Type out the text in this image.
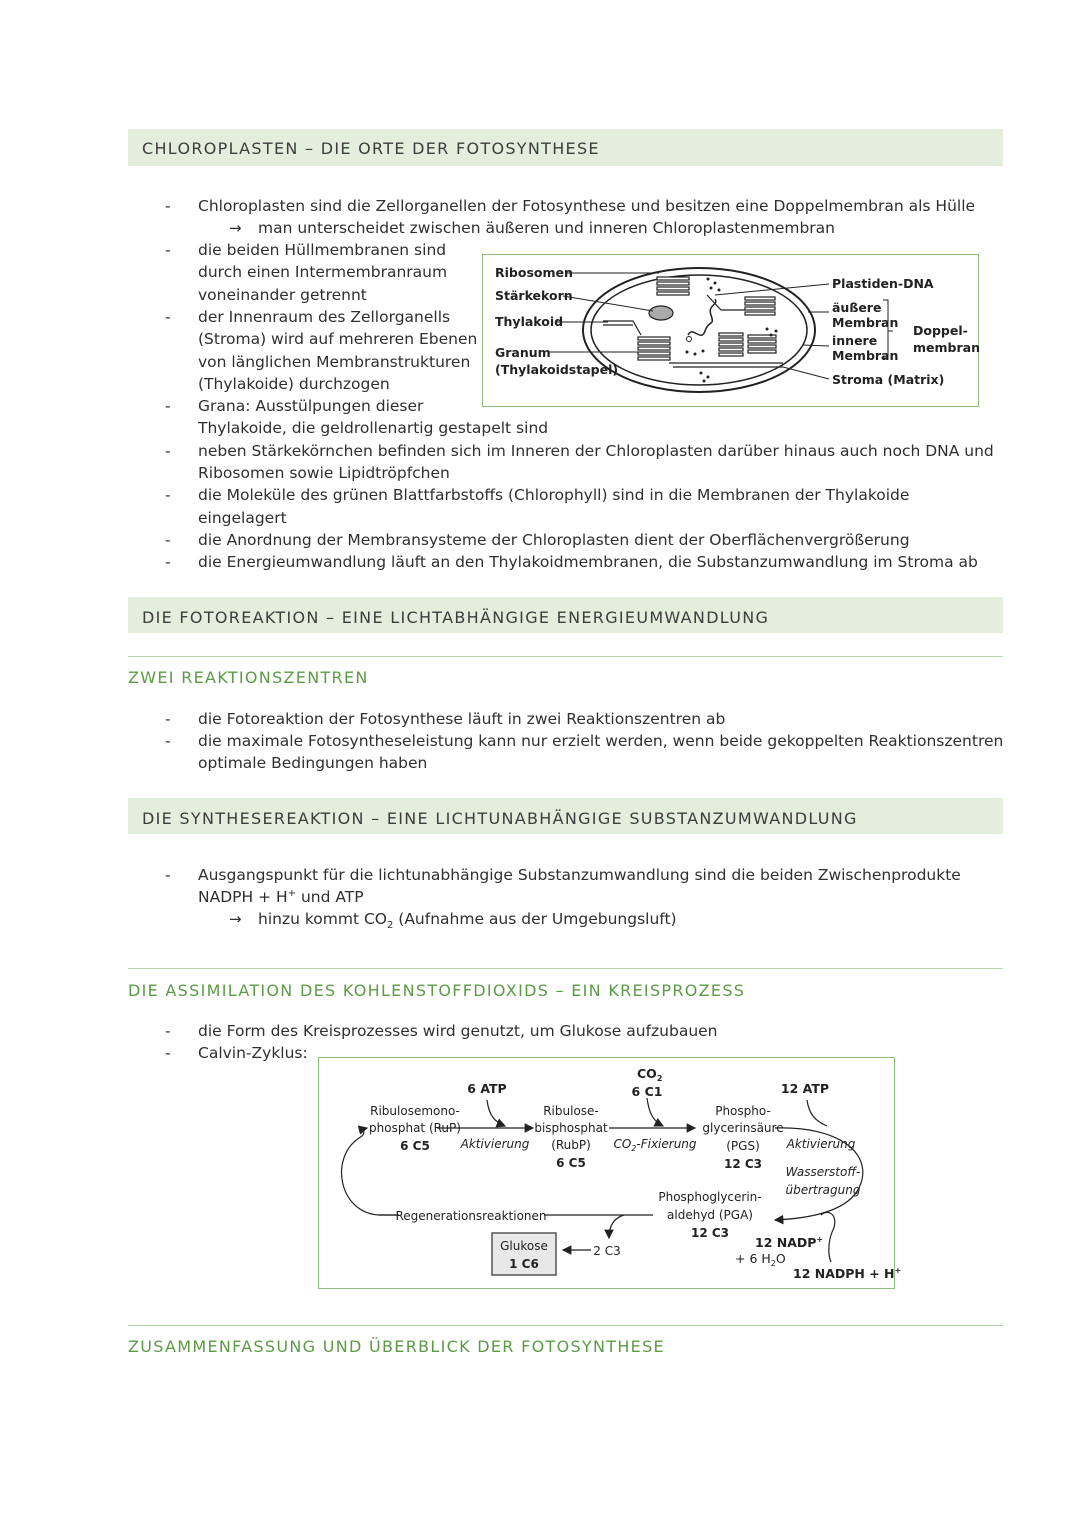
CHLOROPLASTEN – DIE ORTE DER FOTOSYNTHESE
- Chloroplasten sind die Zellorganellen der Fotosynthese und besitzen eine Doppelmembran als Hülle
→ man unterscheidet zwischen äußeren und inneren Chloroplastenmembran
- die beiden Hüllmembranen sind
durch einen Intermembranraum
voneinander getrennt
- der Innenraum des Zellorganells
(Stroma) wird auf mehreren Ebenen
von länglichen Membranstrukturen
(Thylakoide) durchzogen
- Grana: Ausstülpungen dieser
Thylakoide, die geldrollenartig gestapelt sind
- neben Stärkekörnchen befinden sich im Inneren der Chloroplasten darüber hinaus auch noch DNA und
Ribosomen sowie Lipidtröpfchen
- die Moleküle des grünen Blattfarbstoffs (Chlorophyll) sind in die Membranen der Thylakoide
eingelagert
- die Anordnung der Membransysteme der Chloroplasten dient der Oberflächenvergrößerung
- die Energieumwandlung läuft an den Thylakoidmembranen, die Substanzumwandlung im Stroma ab
Ribosomen
Stärkekorn
Thylakoid
Granum
(Thylakoidstapel)
Plastiden-DNA
äußere
Membran
innere
Membran
Doppel-
membran
Stroma (Matrix)
DIE FOTOREAKTION – EINE LICHTABHÄNGIGE ENERGIEUMWANDLUNG
ZWEI REAKTIONSZENTREN
- die Fotoreaktion der Fotosynthese läuft in zwei Reaktionszentren ab
- die maximale Fotosyntheseleistung kann nur erzielt werden, wenn beide gekoppelten Reaktionszentren
optimale Bedingungen haben
DIE SYNTHESEREAKTION – EINE LICHTUNABHÄNGIGE SUBSTANZUMWANDLUNG
- Ausgangspunkt für die lichtunabhängige Substanzumwandlung sind die beiden Zwischenprodukte
NADPH + H+ und ATP
→ hinzu kommt $CO_2$ (Aufnahme aus der Umgebungsluft)
DIE ASSIMILATION DES KOHLENSTOFFDIOXIDS – EIN KREISPROZESS
- die Form des Kreisprozesses wird genutzt, um Glukose aufzubauen
- Calvin-Zyklus:
Glukose
1 C6
6 ATP
$CO_2$
6 C1	12 ATP
Ribulosemono-
phosphat (RuP)
6 C5	Aktivierung
Ribulose-
bisphosphat
(RubP)
6 C5
$CO_2$-Fixierung
Phospho-
glycerinsäure
(PGS)
12 C3
Aktivierung
Wasserstoff-
übertragung
Phosphoglycerin-
aldehyd (PGA)
12 C3
Regenerationsreaktionen
2 C3
12 NADP+
+ 6 $H_2O$
12 NADPH + H+
ZUSAMMENFASSUNG UND ÜBERBLICK DER FOTOSYNTHESE
